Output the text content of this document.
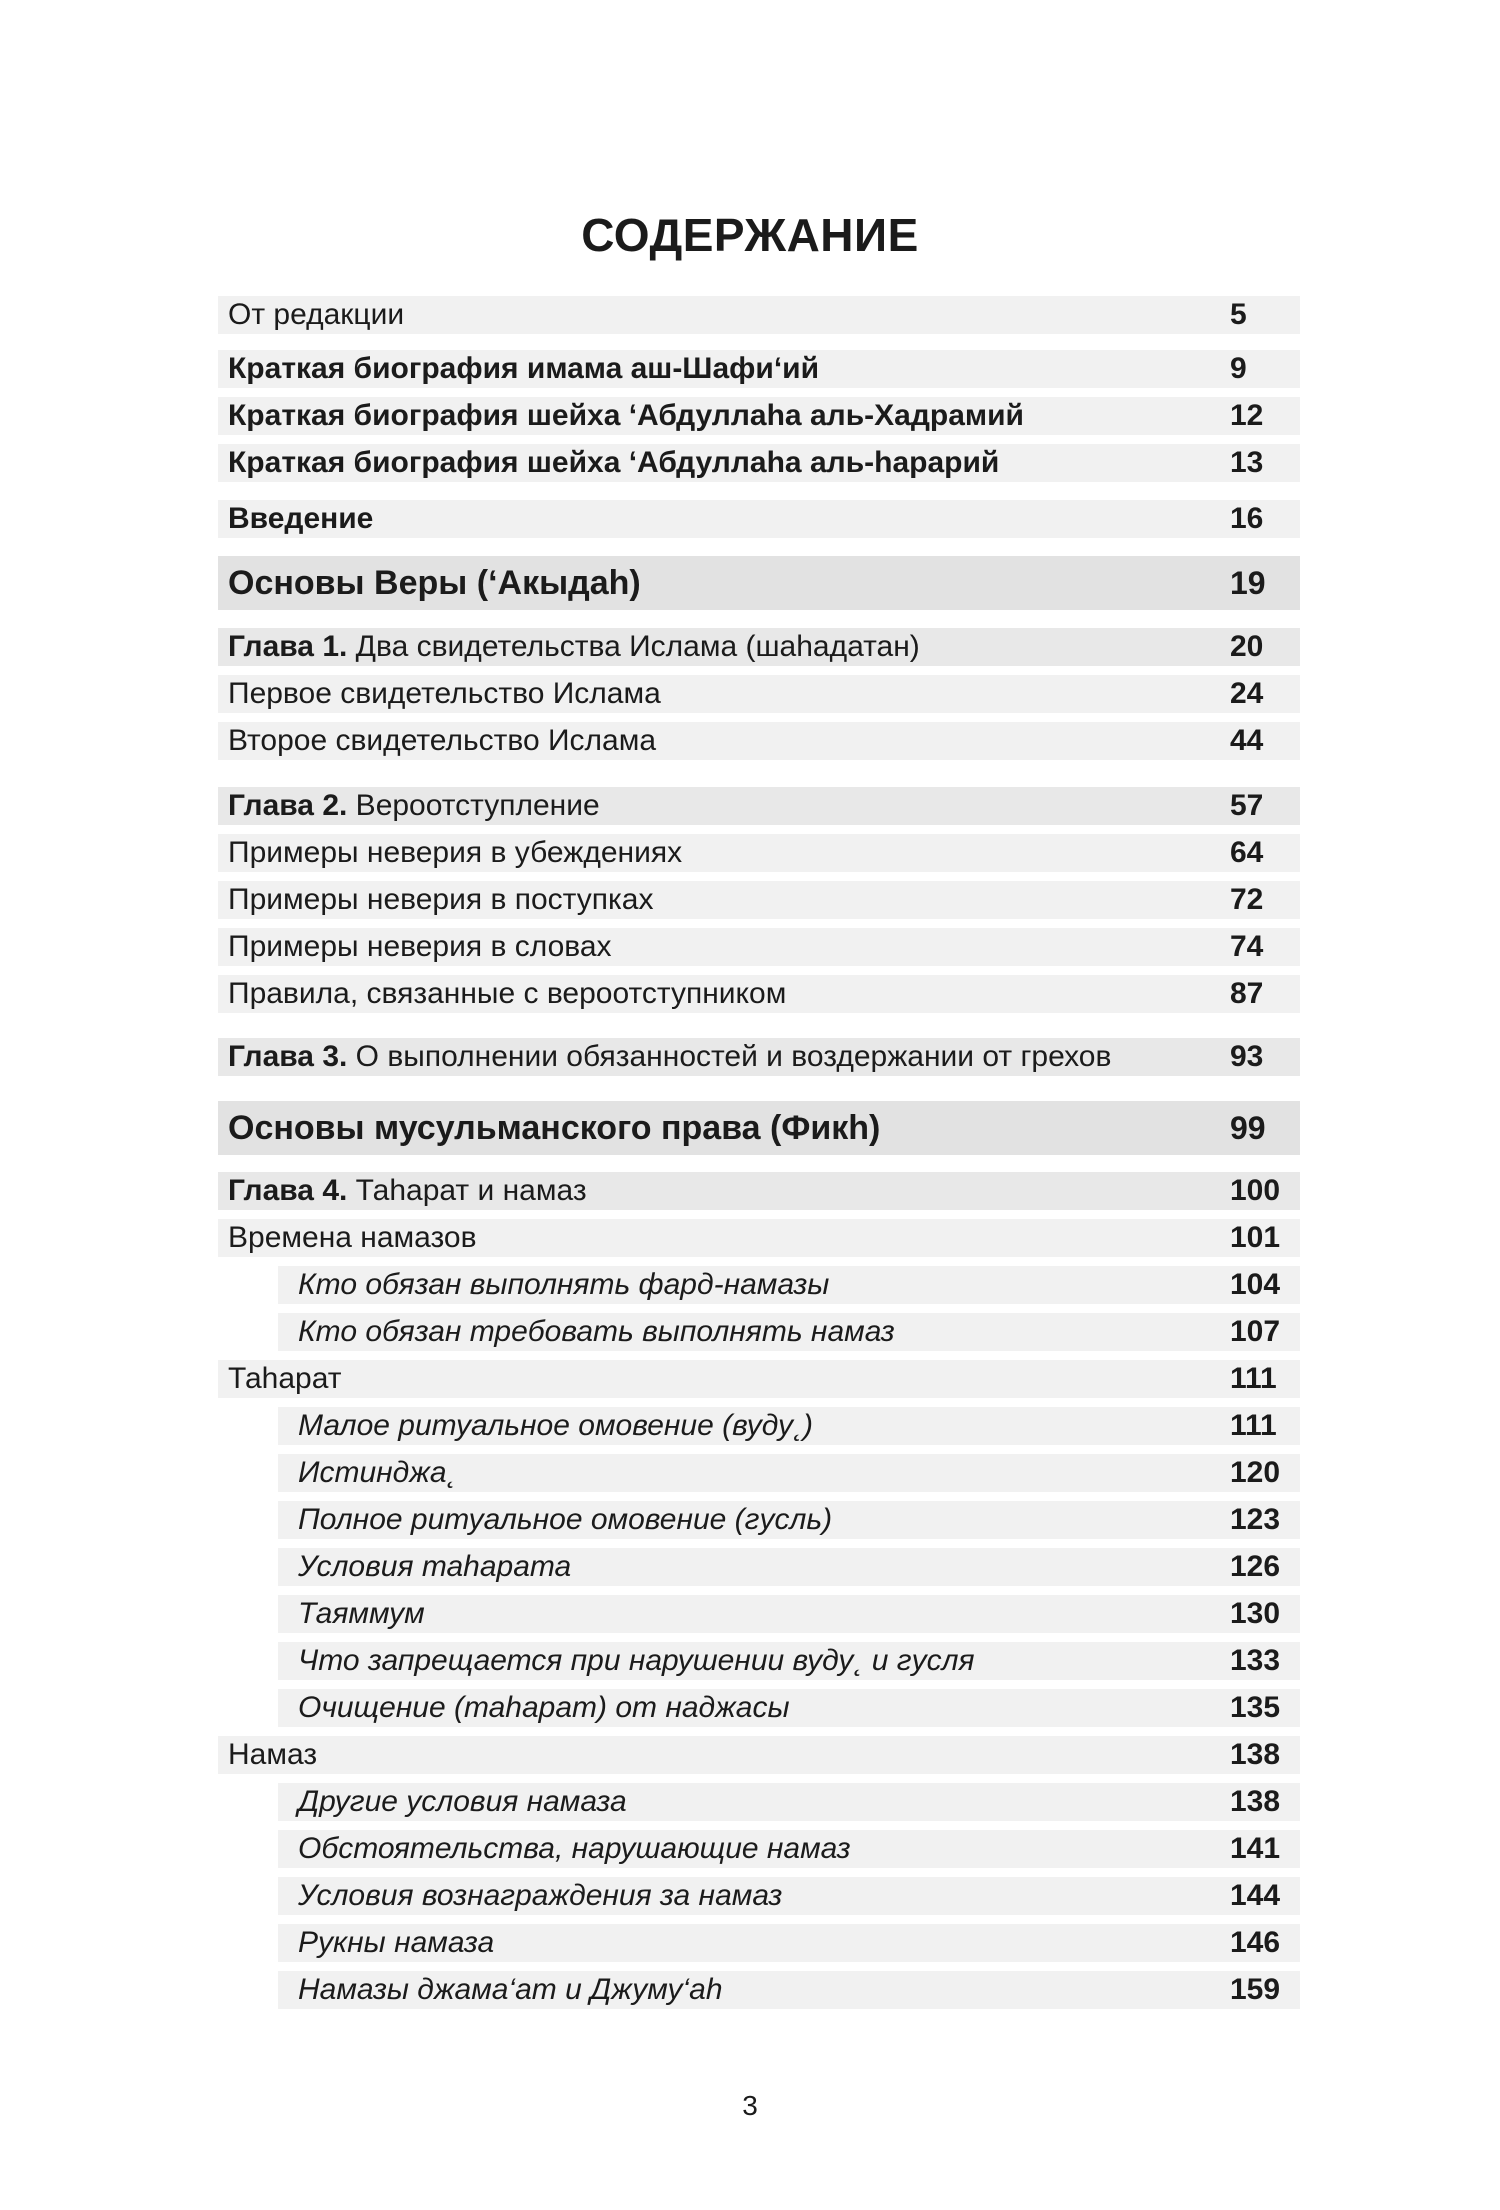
СОДЕРЖАНИЕ
От редакции	5
Краткая биография имама аш-Шафи‘ий	9
Краткая биография шейха ‘Абдуллаhа аль-Хадрамий	12
Краткая биография шейха ‘Абдуллаhа аль-hарарий	13
Введение	16
Основы Веры (‘Акыдаh)	19
Глава 1. Два свидетельства Ислама (шаhадатан)	20
Первое свидетельство Ислама	24
Второе свидетельство Ислама	44
Глава 2. Вероотступление	57
Примеры неверия в убеждениях	64
Примеры неверия в поступках	72
Примеры неверия в словах	74
Правила, связанные с вероотступником	87
Глава 3. О выполнении обязанностей и воздержании от грехов	93
Основы мусульманского права (Фикh)	99
Глава 4. Таhарат и намаз	100
Времена намазов	101
Кто обязан выполнять фард-намазы	104
Кто обязан требовать выполнять намаз	107
Таhарат	111
Малое ритуальное омовение (вуду˛)	111
Истинджа˛	120
Полное ритуальное омовение (гусль)	123
Условия таhарата	126
Таяммум	130
Что запрещается при нарушении вуду˛ и гусля	133
Очищение (таhарат) от наджасы	135
Намаз	138
Другие условия намаза	138
Обстоятельства, нарушающие намаз	141
Условия вознаграждения за намаз	144
Рукны намаза	146
Намазы джама‘ат и Джуму‘аh	159
3
